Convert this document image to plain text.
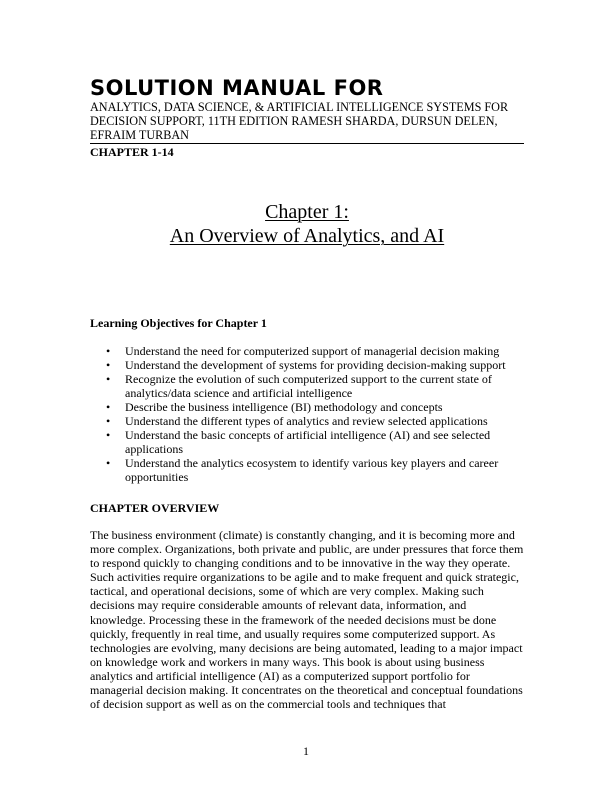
SOLUTION MANUAL FOR
ANALYTICS, DATA SCIENCE, & ARTIFICIAL INTELLIGENCE SYSTEMS FOR DECISION SUPPORT, 11TH EDITION RAMESH SHARDA, DURSUN DELEN, EFRAIM TURBAN
CHAPTER 1-14
Chapter 1:
An Overview of Analytics, and AI
Learning Objectives for Chapter 1
• Understand the need for computerized support of managerial decision making
• Understand the development of systems for providing decision-making support
• Recognize the evolution of such computerized support to the current state of analytics/data science and artificial intelligence
• Describe the business intelligence (BI) methodology and concepts
• Understand the different types of analytics and review selected applications
• Understand the basic concepts of artificial intelligence (AI) and see selected applications
• Understand the analytics ecosystem to identify various key players and career opportunities
CHAPTER OVERVIEW

The business environment (climate) is constantly changing, and it is becoming more and more complex. Organizations, both private and public, are under pressures that force them to respond quickly to changing conditions and to be innovative in the way they operate. Such activities require organizations to be agile and to make frequent and quick strategic, tactical, and operational decisions, some of which are very complex. Making such decisions may require considerable amounts of relevant data, information, and knowledge. Processing these in the framework of the needed decisions must be done quickly, frequently in real time, and usually requires some computerized support. As technologies are evolving, many decisions are being automated, leading to a major impact on knowledge work and workers in many ways. This book is about using business analytics and artificial intelligence (AI) as a computerized support portfolio for managerial decision making. It concentrates on the theoretical and conceptual foundations of decision support as well as on the commercial tools and techniques that

1
